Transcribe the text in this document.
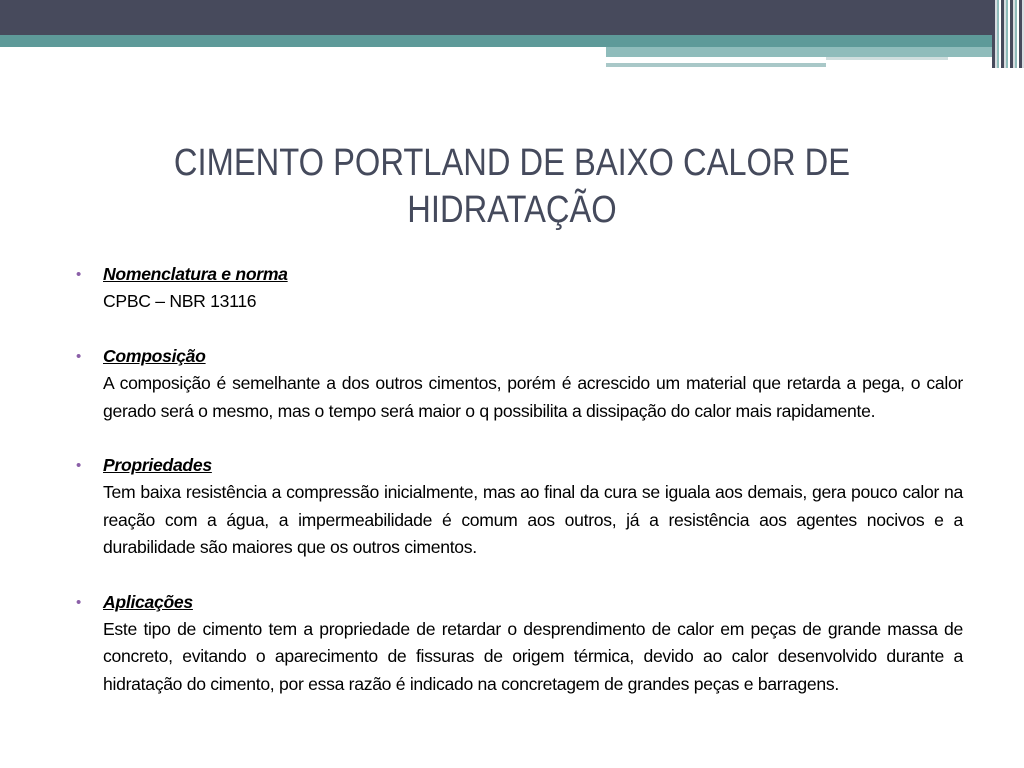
CIMENTO PORTLAND DE BAIXO CALOR DE HIDRATAÇÃO
• Nomenclatura e norma
CPBC – NBR 13116
• Composição
A composição é semelhante a dos outros cimentos, porém é acrescido um material que retarda a pega, o calor gerado será o mesmo, mas o tempo será maior o q possibilita a dissipação do calor mais rapidamente.
• Propriedades
Tem baixa resistência a compressão inicialmente, mas ao final da cura se iguala aos demais, gera pouco calor na reação com a água, a impermeabilidade é comum aos outros, já a resistência aos agentes nocivos e a durabilidade são maiores que os outros cimentos.
• Aplicações
Este tipo de cimento tem a propriedade de retardar o desprendimento de calor em peças de grande massa de concreto, evitando o aparecimento de fissuras de origem térmica, devido ao calor desenvolvido durante a hidratação do cimento, por essa razão é indicado na concretagem de grandes peças e barragens.
